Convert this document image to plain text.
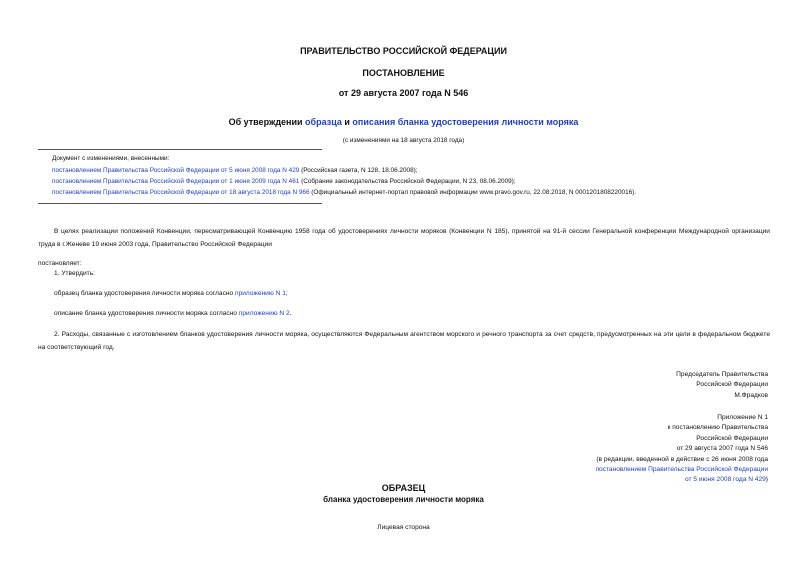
ПРАВИТЕЛЬСТВО РОССИЙСКОЙ ФЕДЕРАЦИИ
ПОСТАНОВЛЕНИЕ
от 29 августа 2007 года N 546
Об утверждении образца и описания бланка удостоверения личности моряка
(с изменениями на 18 августа 2018 года)
Документ с изменениями, внесенными:
постановлением Правительства Российской Федерации от 5 июня 2008 года N 429 (Российская газета, N 128, 18.06.2008);
постановлением Правительства Российской Федерации от 1 июня 2009 года N 461 (Собрание законодательства Российской Федерации, N 23, 08.06.2009);
постановлением Правительства Российской Федерации от 18 августа 2018 года N 966 (Официальный интернет-портал правовой информации www.pravo.gov.ru, 22.08.2018, N 0001201808220016).
В целях реализации положений Конвенции, пересматривающей Конвенцию 1958 года об удостоверениях личности моряков (Конвенции N 185), принятой на 91-й сессии Генеральной конференции Международной организации труда в г.Женеве 19 июня 2003 года, Правительство Российской Федерации
постановляет:
1. Утвердить:
образец бланка удостоверения личности моряка согласно приложению N 1;
описание бланка удостоверения личности моряка согласно приложению N 2.
2. Расходы, связанные с изготовлением бланков удостоверения личности моряка, осуществляются Федеральным агентством морского и речного транспорта за счет средств, предусмотренных на эти цели в федеральном бюджете на соответствующий год.
Председатель Правительства
Российской Федерации
М.Фрадков
Приложение N 1
к постановлению Правительства
Российской Федерации
от 29 августа 2007 года N 546
(в редакции, введенной в действие с 26 июня 2008 года
постановлением Правительства Российской Федерации
от 5 июня 2008 года N 429)
ОБРАЗЕЦ
бланка удостоверения личности моряка
Лицевая сторона
